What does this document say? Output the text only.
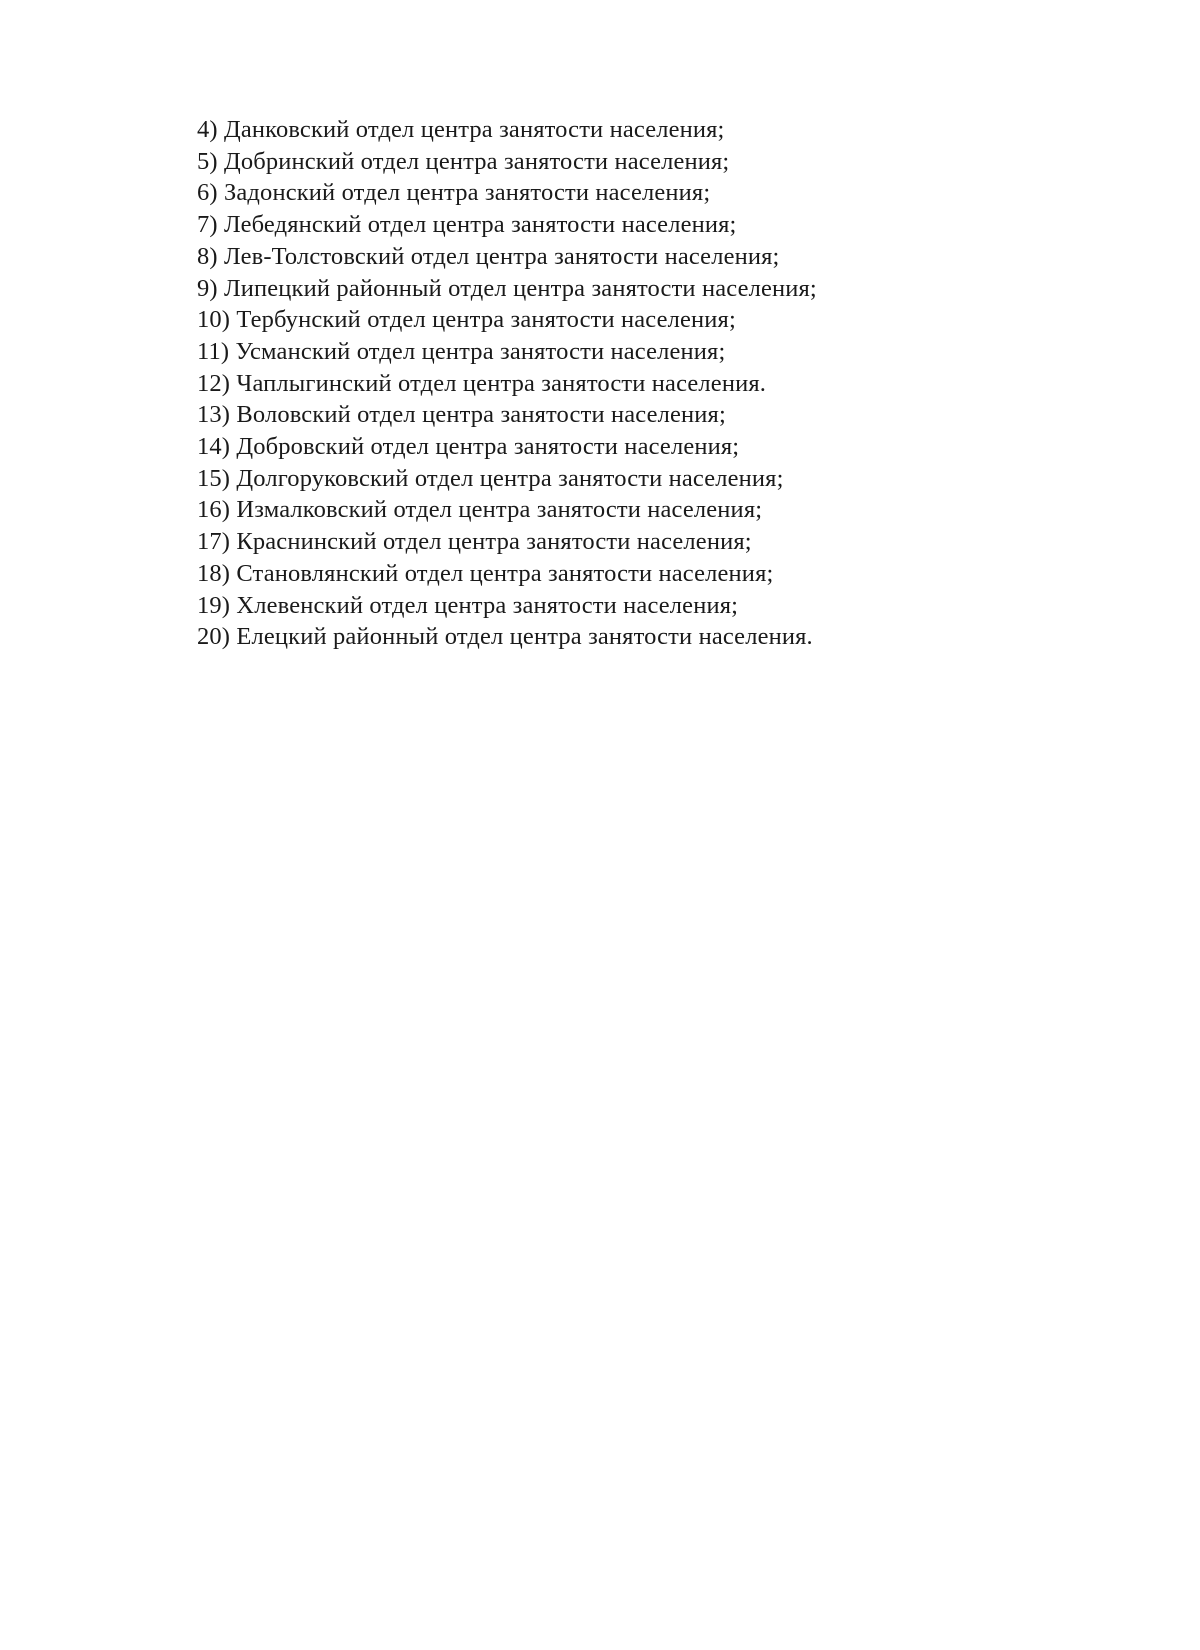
4) Данковский отдел центра занятости населения;
5) Добринский отдел центра занятости населения;
6) Задонский отдел центра занятости населения;
7) Лебедянский отдел центра занятости населения;
8) Лев-Толстовский отдел центра занятости населения;
9) Липецкий районный отдел центра занятости населения;
10) Тербунский отдел центра занятости населения;
11) Усманский отдел центра занятости населения;
12) Чаплыгинский отдел центра занятости населения.
13) Воловский отдел центра занятости населения;
14) Добровский отдел центра занятости населения;
15) Долгоруковский отдел центра занятости населения;
16) Измалковский отдел центра занятости населения;
17) Краснинский отдел центра занятости населения;
18) Становлянский отдел центра занятости населения;
19) Хлевенский отдел центра занятости населения;
20) Елецкий районный отдел центра занятости населения.
